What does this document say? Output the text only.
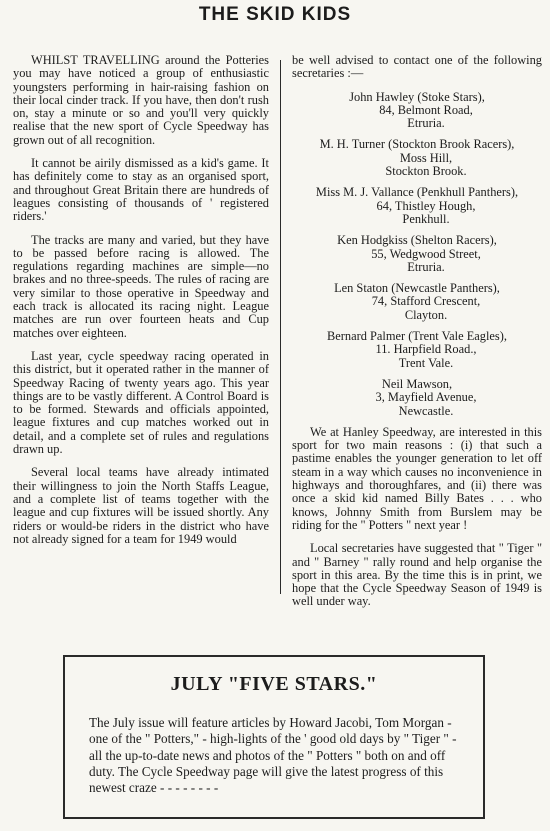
THE SKID KIDS

WHILST TRAVELLING around the Potteries you may have noticed a group of enthusiastic youngsters performing in hair-raising fashion on their local cinder track. If you have, then don't rush on, stay a minute or so and you'll very quickly realise that the new sport of Cycle Speedway has grown out of all recognition.

It cannot be airily dismissed as a kid's game. It has definitely come to stay as an organised sport, and throughout Great Britain there are hundreds of leagues consisting of thousands of ' registered riders.'

The tracks are many and varied, but they have to be passed before racing is allowed. The regulations regarding machines are simple—no brakes and no three-speeds. The rules of racing are very similar to those operative in Speedway and each track is allocated its racing night. League matches are run over fourteen heats and Cup matches over eighteen.

Last year, cycle speedway racing operated in this district, but it operated rather in the manner of Speedway Racing of twenty years ago. This year things are to be vastly different. A Control Board is to be formed. Stewards and officials appointed, league fixtures and cup matches worked out in detail, and a complete set of rules and regulations drawn up.

Several local teams have already intimated their willingness to join the North Staffs League, and a complete list of teams together with the league and cup fixtures will be issued shortly. Any riders or would-be riders in the district who have not already signed for a team for 1949 would

be well advised to contact one of the following secretaries :—

John Hawley (Stoke Stars),
84, Belmont Road,
Etruria.
M. H. Turner (Stockton Brook Racers),
Moss Hill,
Stockton Brook.
Miss M. J. Vallance (Penkhull Panthers),
64, Thistley Hough,
Penkhull.
Ken Hodgkiss (Shelton Racers),
55, Wedgwood Street,
Etruria.
Len Staton (Newcastle Panthers),
74, Stafford Crescent,
Clayton.
Bernard Palmer (Trent Vale Eagles),
11. Harpfield Road.,
Trent Vale.
Neil Mawson,
3, Mayfield Avenue,
Newcastle.

We at Hanley Speedway, are interested in this sport for two main reasons : (i) that such a pastime enables the younger generation to let off steam in a way which causes no inconvenience in highways and thoroughfares, and (ii) there was once a skid kid named Billy Bates . . . who knows, Johnny Smith from Burslem may be riding for the " Potters " next year !

Local secretaries have suggested that " Tiger " and " Barney " rally round and help organise the sport in this area. By the time this is in print, we hope that the Cycle Speedway Season of 1949 is well under way.

JULY "FIVE STARS."
The July issue will feature articles by Howard Jacobi, Tom Morgan - one of the " Potters," - high-lights of the ' good old days by " Tiger " - all the up-to-date news and photos of the " Potters " both on and off duty. The Cycle Speedway page will give the latest progress of this newest craze - - - - - - - -
